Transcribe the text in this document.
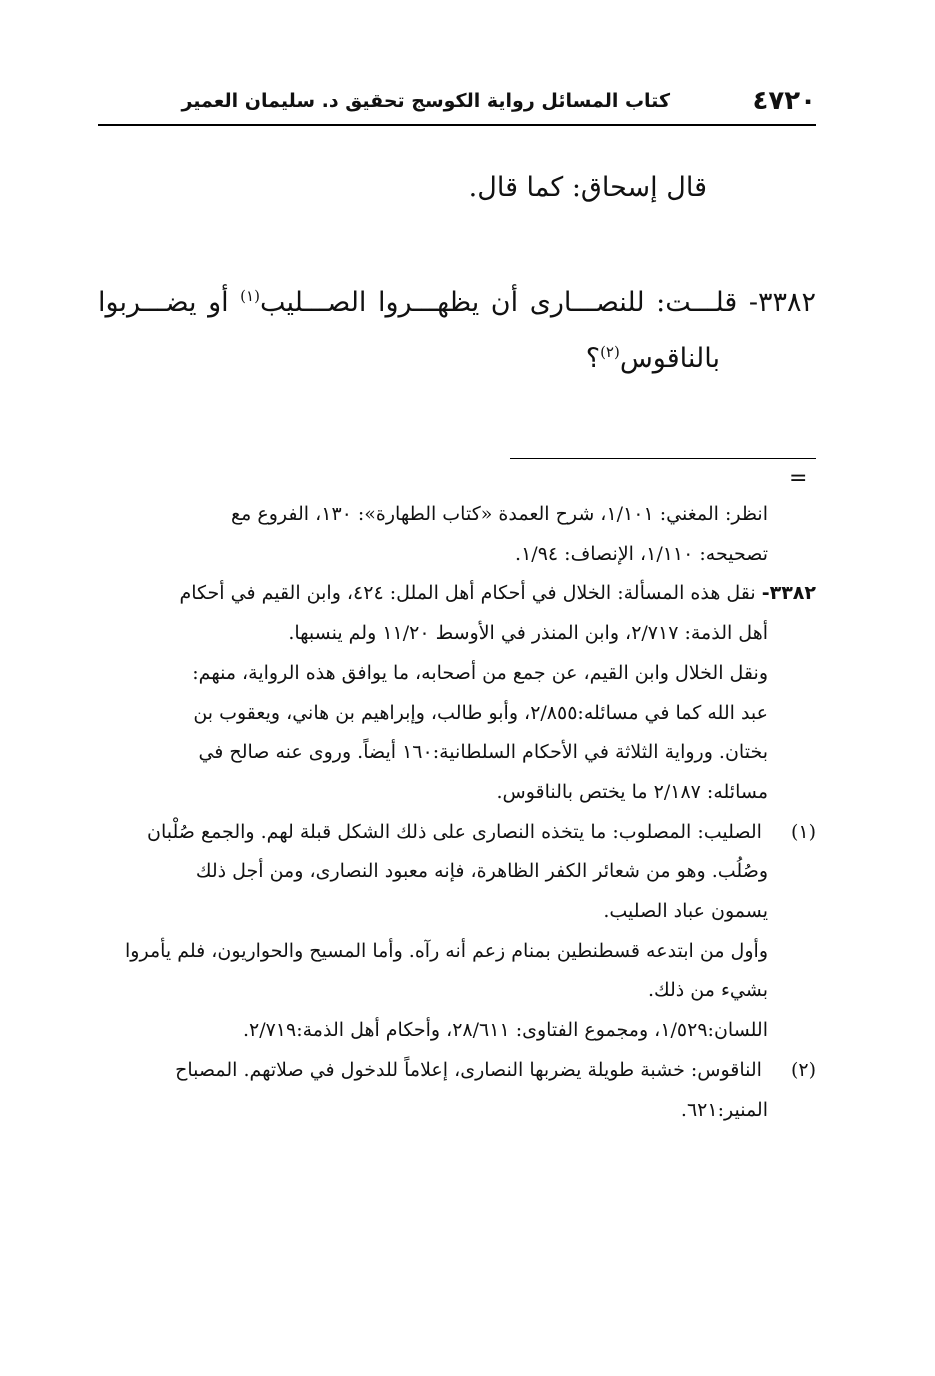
٤٧٢٠
كتاب المسائل رواية الكوسج تحقيق د. سليمان العمير
قال إسحاق: كما قال.

٣٣٨٢- قلـــت: للنصـــارى أن يظهـــروا الصـــليب$^{(١)}$ أو يضـــربوا

بالناقوس$^{(٢)}$؟

=

انظر: المغني: ١/١٠١، شرح العمدة «كتاب الطهارة»: ١٣٠، الفروع مع

تصحيحه: ١/١١٠، الإنصاف: ١/٩٤.

٣٣٨٢- نقل هذه المسألة: الخلال في أحكام أهل الملل: ٤٢٤، وابن القيم في أحكام

أهل الذمة: ٢/٧١٧، وابن المنذر في الأوسط ١١/٢٠ ولم ينسبها.

ونقل الخلال وابن القيم، عن جمع من أصحابه، ما يوافق هذه الرواية، منهم:

عبد الله كما في مسائله:٢/٨٥٥، وأبو طالب، وإبراهيم بن هاني، ويعقوب بن

بختان. ورواية الثلاثة في الأحكام السلطانية:١٦٠ أيضاً. وروى عنه صالح في

مسائله: ٢/١٨٧ ما يختص بالناقوس.

(١) الصليب: المصلوب: ما يتخذه النصارى على ذلك الشكل قبلة لهم. والجمع صُلْبان

وصُلُب. وهو من شعائر الكفر الظاهرة، فإنه معبود النصارى، ومن أجل ذلك

يسمون عباد الصليب.

وأول من ابتدعه قسطنطين بمنام زعم أنه رآه. وأما المسيح والحواريون، فلم يأمروا

بشيء من ذلك.

اللسان:١/٥٢٩، ومجموع الفتاوى: ٢٨/٦١١، وأحكام أهل الذمة:٢/٧١٩.

(٢) الناقوس: خشبة طويلة يضربها النصارى، إعلاماً للدخول في صلاتهم. المصباح

المنير:٦٢١.
